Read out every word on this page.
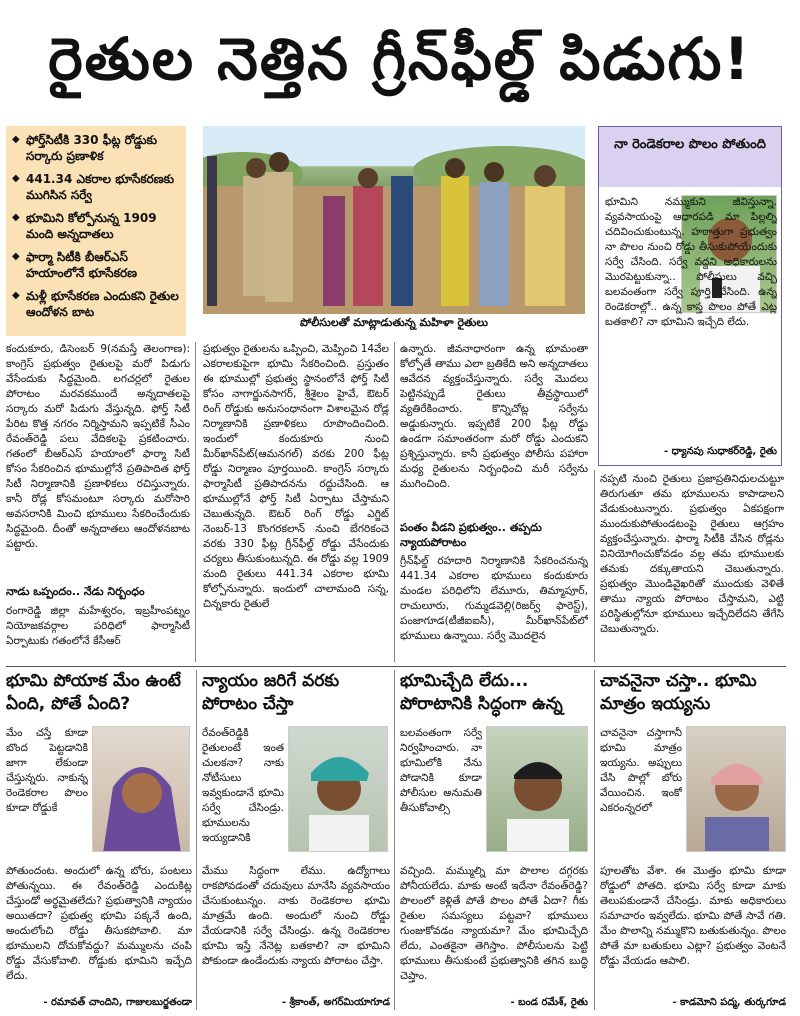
రైతుల నెత్తిన గ్రీన్‌ఫీల్డ్ పిడుగు!
◆ ఫోర్త్‌సిటీకి 330 ఫీట్ల రోడ్డుకు సర్కారు ప్రణాళిక
◆ 441.34 ఎకరాల భూసేకరణకు ముగిసిన సర్వే
◆ భూమిని కోల్పోనున్న 1909 మంది అన్నదాతలు
◆ ఫార్మా సిటీకి బీఆర్ఎస్ హయాంలోనే భూసేకరణ
◆ మళ్లీ భూసేకరణ ఎందుకని రైతుల ఆందోళన బాట
పోలీసులతో మాట్లాడుతున్న మహిళా రైతులు
కందుకూరు, డిసెంబర్ 9(నమస్తే తెలంగాణ): కాంగ్రెస్ ప్రభుత్వం రైతులపై మరో పిడుగు వేసేందుకు సిద్ధమైంది. లగచర్లలో రైతుల పోరాటం మరవకముందే అన్నదాతలపై సర్కారు మరో పిడుగు వేస్తున్నది. ఫోర్త్ సిటీ పేరిట కొత్త నగరం నిర్మిస్తామని ఇప్పటికే సీఎం రేవంత్‌రెడ్డి పలు వేదికలపై ప్రకటించారు. గతంలో బీఆర్ఎస్ హయాంలో ఫార్మా సిటీ కోసం సేకరించిన భూముల్లోనే ప్రతిపాదిత ఫోర్త్ సిటీ నిర్మాణానికి ప్రణాళికలు రచిస్తున్నారు. కానీ రోడ్ల కోసమంటూ సర్కారు మరోసారి అవసరానికి మించి భూములు సేకరించేందుకు సిద్ధమైంది. దీంతో అన్నదాతలు ఆందోళనబాట పట్టారు.
నాడు ఒప్పందం.. నేడు నిర్బంధం
రంగారెడ్డి జిల్లా మహేశ్వరం, ఇబ్రహీంపట్నం నియోజకవర్గాల పరిధిలో ఫార్మాసిటీ ఏర్పాటుకు గతంలోనే కేసీఆర్
ప్రభుత్వం రైతులను ఒప్పించి, మెప్పించి 14వేల ఎకరాలకుపైగా భూమి సేకరించింది. ప్రస్తుతం ఈ భూముల్లో ప్రభుత్వ స్థానంలోనే ఫోర్త్ సిటీ కోసం నాగార్జునసాగర్, శ్రీశైలం హైవే, ఔటర్ రింగ్ రోడ్డుకు అనుసంధానంగా విశాలమైన రోడ్ల నిర్మాణానికి ప్రణాళికలు రూపొందించింది. ఇందులో కందుకూరు నుంచి మీర్‌ఖాన్‌పేట్(ఆమనగల్) వరకు 200 ఫీట్ల రోడ్డు నిర్మాణం పూర్తయింది. కాంగ్రెస్ సర్కారు ఫార్మాసిటీ ప్రతిపాదనను రద్దుచేసింది. ఆ భూముల్లోనే ఫోర్త్ సిటీ ఏర్పాటు చేస్తామని చెబుతున్నది. ఔటర్ రింగ్ రోడ్డు ఎగ్జిట్ నెంబర్-13 కొంగరకలాన్ నుంచి బేగరికంచె వరకు 330 ఫీట్ల గ్రీన్‌ఫీల్డ్ రోడ్డు వేసేందుకు చర్యలు తీసుకుంటున్నది. ఈ రోడ్డు వల్ల 1909 మంది రైతులు 441.34 ఎకరాల భూమి కోల్పోనున్నారు. ఇందులో చాలామంది సన్న, చిన్నకారు రైతులే
ఉన్నారు. జీవనాధారంగా ఉన్న భూమంతా కోల్పోతే తాము ఎలా బ్రతికేది అని అన్నదాతలు ఆవేదన వ్యక్తంచేస్తున్నారు. సర్వే మొదలు పెట్టినప్పుడే రైతులు తీవ్రస్థాయిలో వ్యతిరేకించారు. కొన్నిచోట్ల సర్వేను అడ్డుకున్నారు. ఇప్పటికే 200 ఫీట్ల రోడ్డు ఉండగా సమాంతరంగా మరో రోడ్డు ఎందుకని ప్రశ్నిస్తున్నారు. కానీ ప్రభుత్వం పోలీసు పహారా మధ్య రైతులను నిర్బంధించి మరీ సర్వేను ముగించింది.
పంతం వీడని ప్రభుత్వం.. తప్పదు న్యాయపోరాటం
గ్రీన్‌ఫీల్డ్ రహదారి నిర్మాణానికి సేకరించనున్న 441.34 ఎకరాల భూములు కందుకూరు మండల పరిధిలోని లేమూరు, తిమ్మాపూర్, రాచులూరు, గుమ్మడవెల్లి(రిజర్వ్ ఫారెస్ట్), పంజాగూడ(టీజీఐఐసీ), మీర్‌ఖాన్‌పేట్‌లో భూములు ఉన్నాయి. సర్వే మొదలైన
నప్పటి నుంచి రైతులు ప్రజాప్రతినిధులచుట్టూ తిరుగుతూ తమ భూములను కాపాడాలని వేడుకుంటున్నారు. ప్రభుత్వం ఏకపక్షంగా ముందుకుపోతుండటంపై రైతులు ఆగ్రహం వ్యక్తంచేస్తున్నారు. ఫార్మా సిటీకి వేసిన రోడ్లను వినియోగించుకోవడం వల్ల తమ భూములకు తమకు దక్కుతాయని చెబుతున్నారు. ప్రభుత్వం మొండివైఖరితో ముందుకు వెళితే తాము న్యాయ పోరాటం చేస్తామని, ఎట్టి పరిస్థితుల్లోనూ భూములు ఇచ్చేదిలేదని తేగేసి చెబుతున్నారు.
నా రెండెకరాల పొలం పోతుంది
భూమిని నమ్ముకుని జీవిస్తున్నా. వ్యవసాయంపై ఆధారపడి మా పిల్లల్ని చదివించుకుంటున్న. హఠాత్తుగా ప్రభుత్వం నా పొలం నుంచి రోడ్డు తీసుకుపోయేందుకు సర్వే చేసింది. సర్వే వద్దని అధికారులను మొరపెట్టుకున్నా.. పోలీసులు వచ్చి బలవంతంగా సర్వే పూర్తి చేసింది. ఉన్న రెండెకరాల్లో.. ఉన్న కాస్త పొలం పోతే ఎట్ల బతకాలి? నా భూమిని ఇచ్చేది లేదు.
- ధ్యానపు సుధాకర్‌రెడ్డి, రైతు
భూమి పోయాక మేం ఉంటే ఏంది, పోతే ఏంది?
మేం చస్తే కూడా బొంద పెట్టడానికి జాగా లేకుండా చేస్తున్నరు. నాకున్న రెండెకరాల పొలం కూడా రోడ్డుకే
పోతుందంట. అందులో ఉన్న బోరు, పంటలు పోతున్నయి. ఈ రేవంత్‌రెడ్డి ఎందుకిట్ల చేస్తుండో అర్థమైతలేదు? ప్రభుత్వానికి న్యాయం అయితదా? ప్రభుత్వ భూమి పక్కనే ఉంది, అందులోంచి రోడ్డు తీసుకపోవాలి. మా భూములని దోచుకోవద్దు? మమ్ములను చంపి రోడ్డు వేసుకోవాలి. రోడ్డుకు భూమిని ఇచ్చేది లేదు.
- రమావత్ చాందిని, గాజులబుర్జతండా
న్యాయం జరిగే వరకు పోరాటం చేస్తా
రేవంత్‌రెడ్డికి రైతులంటే ఇంత చులకనా? నాకు నోటీసులు ఇవ్వకుండానే భూమి సర్వే చేసిండ్రు. భూములను ఇయ్యడానికి
మేము సిద్ధంగా లేము. ఉద్యోగాలు రాకపోవడంతో చదువులు మానేసి వ్యవసాయం చేసుకుంటున్నం. నాకు రెండెకరాల భూమి మాత్రమే ఉంది. అందులో నుంచి రోడ్డు వేయడానికి సర్వే చేసిండ్రు. ఉన్న రెండెకరాల భూమి ఇస్తే నేనెట్ల బతకాలి? నా భూమిని పోకుండా ఉండేందుకు న్యాయ పోరాటం చేస్తా.
- శ్రీకాంత్, అగర్‌మియాగూడ
భూమిచ్చేది లేదు... పోరాటానికి సిద్ధంగా ఉన్న
బలవంతంగా సర్వే నిర్వహించారు. నా భూమిలోకి నేను పోడానికి కూడా పోలీసుల అనుమతి తీసుకోవాల్సి
వచ్చింది. మమ్ముల్ని మా పొలాల దగ్గరకు పోనీయలేదు. మాకు అంటే ఇదేనా రేవంత్‌రెడ్డి? పొలంలో కెళ్లితే పోతే పొలం పోతే ఏదా? గీకు రైతుల సమస్యలు పట్టవా? భూములు గుంజుకోవడం న్యాయమా? మేం భూమిచ్చేది లేదు, ఎంతకైనా తెగిస్తాం. పోలీసులను పెట్టి భూములు తీసుకుంటే ప్రభుత్వానికి తగిన బుద్ధి చెప్తాం.
- బండ రమేశ్, రైతు
చావనైనా చస్తా.. భూమి మాత్రం ఇయ్యను
చావనైనా చస్తాగానీ భూమి మాత్రం ఇయ్యను. అప్పులు చేసి పొల్లో బోరు వేయించిన. ఇంకో ఎకరంన్నరలో
పూలతోట వేశా. ఈ మొత్తం భూమి కూడా రోడ్డులో పోతది. భూమి సర్వే కూడా మాకు తెలుపకుండానే చేసిండ్రు. మాకు అధికారులు సమాచారం ఇవ్వలేదు. భూమి పోతే సావే గతి. మేం పొలాన్ని నమ్ముకొని బతుకుతున్నం. పొలం పోతే మా బతుకులు ఎట్లా? ప్రభుత్వం వెంటనే రోడ్డు వేయడం ఆపాలి.
- కాడమోని పద్మ, తుర్కగూడ
